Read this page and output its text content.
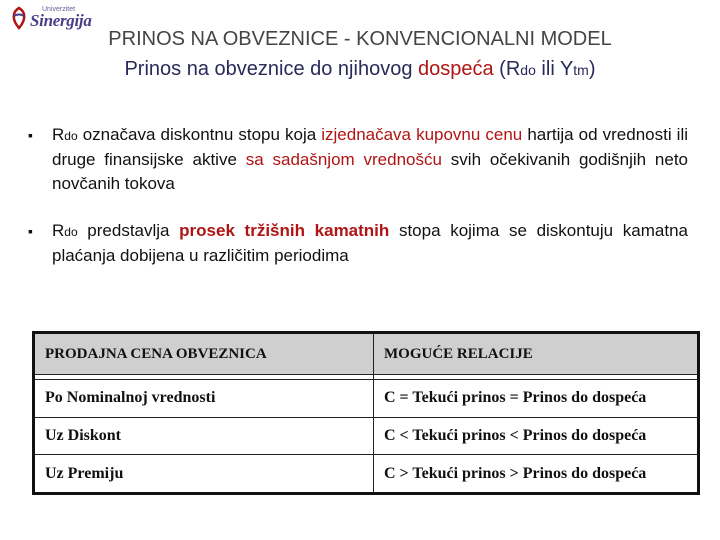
Univerzitet
Sinergija
PRINOS NA OBVEZNICE - KONVENCIONALNI MODEL
Prinos na obveznice do njihovog dospeća (Rdo ili Ytm)
▪ Rdo označava diskontnu stopu koja izjednačava kupovnu cenu hartija od vrednosti ili druge finansijske aktive sa sadašnjom vrednošću svih očekivanih godišnjih neto novčanih tokova
▪ Rdo predstavlja prosek tržišnih kamatnih stopa kojima se diskontuju kamatna plaćanja dobijena u različitim periodima
PRODAJNA CENA OBVEZNICA	MOGUĆE RELACIJE

Po Nominalnoj vrednosti	C = Tekući prinos = Prinos do dospeća
Uz Diskont	C < Tekući prinos < Prinos do dospeća
Uz Premiju	C > Tekući prinos > Prinos do dospeća
